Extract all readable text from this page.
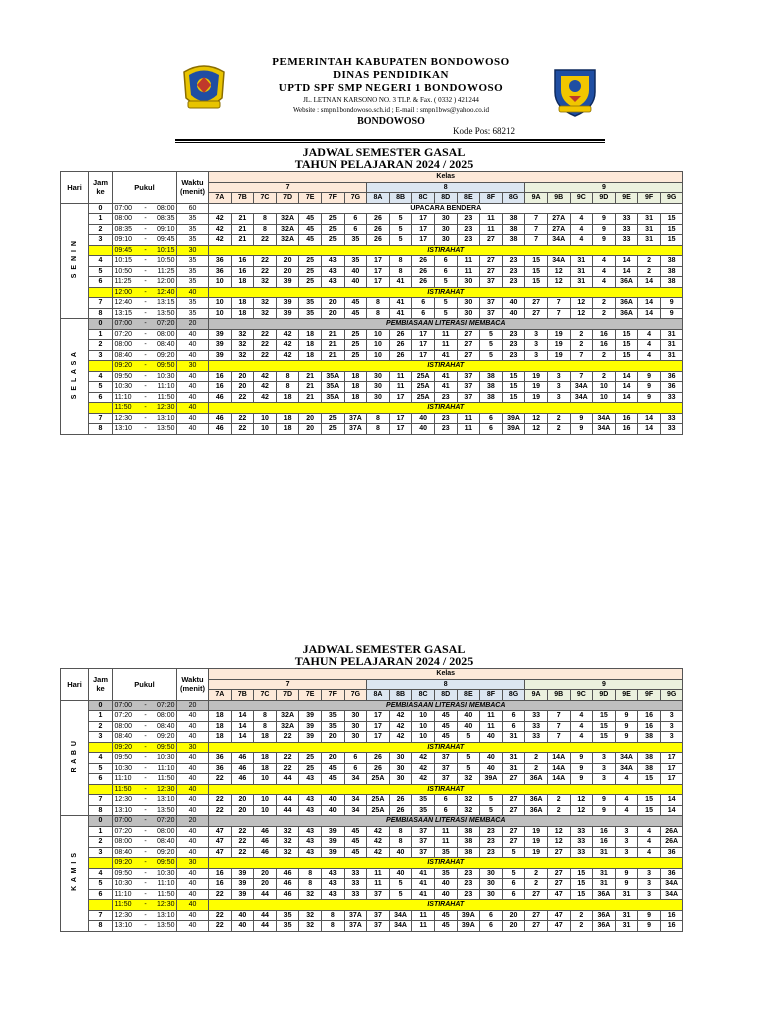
PEMERINTAH KABUPATEN BONDOWOSO
DINAS PENDIDIKAN
UPTD SPF SMP NEGERI 1 BONDOWOSO
JL. LETNAN KARSONO NO. 3 TLP. & Fax. ( 0332 ) 421244
Website : smpn1bondowoso.sch.id ; E-mail : smpn1bws@yahoo.co.id
BONDOWOSO
Kode Pos: 68212
JADWAL SEMESTER GASAL
TAHUN PELAJARAN 2024 / 2025
Hari	Jam ke	Pukul	Waktu (menit)	Kelas																				
				7							8							9						
				7A	7B	7C	7D	7E	7F	7G	8A	8B	8C	8D	8E	8F	8G	9A	9B	9C	9D	9E	9F	9G
S E N I N	0	07:00 - 08:00	60	UPACARA BENDERA																				
	1	08:00 - 08:35	35	42	21	8	32A	45	25	6	26	5	17	30	23	11	38	7	27A	4	9	33	31	15
	2	08:35 - 09:10	35	42	21	8	32A	45	25	6	26	5	17	30	23	11	38	7	27A	4	9	33	31	15
	3	09:10 - 09:45	35	42	21	22	32A	45	25	35	26	5	17	30	23	27	38	7	34A	4	9	33	31	15
		09:45 - 10:15	30	ISTIRAHAT																				
	4	10:15 - 10:50	35	36	16	22	20	25	43	35	17	8	26	6	11	27	23	15	34A	31	4	14	2	38
	5	10:50 - 11:25	35	36	16	22	20	25	43	40	17	8	26	6	11	27	23	15	12	31	4	14	2	38
	6	11:25 - 12:00	35	10	18	32	39	25	43	40	17	41	26	5	30	37	23	15	12	31	4	36A	14	38
		12:00 - 12:40	40	ISTIRAHAT																				
	7	12:40 - 13:15	35	10	18	32	39	35	20	45	8	41	6	5	30	37	40	27	7	12	2	36A	14	9
	8	13:15 - 13:50	35	10	18	32	39	35	20	45	8	41	6	5	30	37	40	27	7	12	2	36A	14	9
S E L A S A	0	07:00 - 07:20	20	PEMBIASAAN LITERASI MEMBACA																				
	1	07:20 - 08:00	40	39	32	22	42	18	21	25	10	26	17	11	27	5	23	3	19	2	16	15	4	31
	2	08:00 - 08:40	40	39	32	22	42	18	21	25	10	26	17	11	27	5	23	3	19	2	16	15	4	31
	3	08:40 - 09:20	40	39	32	22	42	18	21	25	10	26	17	41	27	5	23	3	19	7	2	15	4	31
		09:20 - 09:50	30	ISTIRAHAT																				
	4	09:50 - 10:30	40	16	20	42	8	21	35A	18	30	11	25A	41	37	38	15	19	3	7	2	14	9	36
	5	10:30 - 11:10	40	16	20	42	8	21	35A	18	30	11	25A	41	37	38	15	19	3	34A	10	14	9	36
	6	11:10 - 11:50	40	46	22	42	18	21	35A	18	30	17	25A	23	37	38	15	19	3	34A	10	14	9	33
		11:50 - 12:30	40	ISTIRAHAT																				
	7	12:30 - 13:10	40	46	22	10	18	20	25	37A	8	17	40	23	11	6	39A	12	2	9	34A	16	14	33
	8	13:10 - 13:50	40	46	22	10	18	20	25	37A	8	17	40	23	11	6	39A	12	2	9	34A	16	14	33
JADWAL SEMESTER GASAL
TAHUN PELAJARAN 2024 / 2025
Hari	Jam ke	Pukul	Waktu (menit)	Kelas																				
				7							8							9						
				7A	7B	7C	7D	7E	7F	7G	8A	8B	8C	8D	8E	8F	8G	9A	9B	9C	9D	9E	9F	9G
R A B U	0	07:00 - 07:20	20	PEMBIASAAN LITERASI MEMBACA																				
	1	07:20 - 08:00	40	18	14	8	32A	39	35	30	17	42	10	45	40	11	6	33	7	4	15	9	16	3
	2	08:00 - 08:40	40	18	14	8	32A	39	35	30	17	42	10	45	40	11	6	33	7	4	15	9	16	3
	3	08:40 - 09:20	40	18	14	18	22	39	20	30	17	42	10	45	5	40	31	33	7	4	15	9	38	3
		09:20 - 09:50	30	ISTIRAHAT																				
	4	09:50 - 10:30	40	36	46	18	22	25	20	6	26	30	42	37	5	40	31	2	14A	9	3	34A	38	17
	5	10:30 - 11:10	40	36	46	18	22	25	45	6	26	30	42	37	5	40	31	2	14A	9	3	34A	38	17
	6	11:10 - 11:50	40	22	46	10	44	43	45	34	25A	30	42	37	32	39A	27	36A	14A	9	3	4	15	17
		11:50 - 12:30	40	ISTIRAHAT																				
	7	12:30 - 13:10	40	22	20	10	44	43	40	34	25A	26	35	6	32	5	27	36A	2	12	9	4	15	14
	8	13:10 - 13:50	40	22	20	10	44	43	40	34	25A	26	35	6	32	5	27	36A	2	12	9	4	15	14
K A M I S	0	07:00 - 07:20	20	PEMBIASAAN LITERASI MEMBACA																				
	1	07:20 - 08:00	40	47	22	46	32	43	39	45	42	8	37	11	38	23	27	19	12	33	16	3	4	26A
	2	08:00 - 08:40	40	47	22	46	32	43	39	45	42	8	37	11	38	23	27	19	12	33	16	3	4	26A
	3	08:40 - 09:20	40	47	22	46	32	43	39	45	42	40	37	35	38	23	5	19	27	33	31	3	4	36
		09:20 - 09:50	30	ISTIRAHAT																				
	4	09:50 - 10:30	40	16	39	20	46	8	43	33	11	40	41	35	23	30	5	2	27	15	31	9	3	36
	5	10:30 - 11:10	40	16	39	20	46	8	43	33	11	5	41	40	23	30	6	2	27	15	31	9	3	34A
	6	11:10 - 11:50	40	22	39	44	46	32	43	33	37	5	41	40	23	30	6	27	47	15	36A	31	3	34A
		11:50 - 12:30	40	ISTIRAHAT																				
	7	12:30 - 13:10	40	22	40	44	35	32	8	37A	37	34A	11	45	39A	6	20	27	47	2	36A	31	9	16
	8	13:10 - 13:50	40	22	40	44	35	32	8	37A	37	34A	11	45	39A	6	20	27	47	2	36A	31	9	16
